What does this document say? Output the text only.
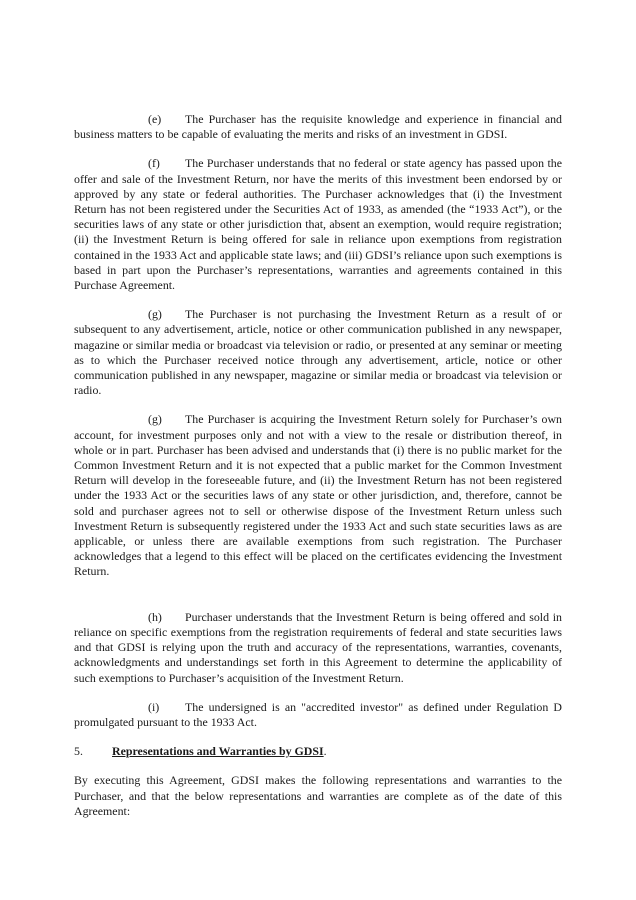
(e) The Purchaser has the requisite knowledge and experience in financial and business matters to be capable of evaluating the merits and risks of an investment in GDSI.

(f) The Purchaser understands that no federal or state agency has passed upon the offer and sale of the Investment Return, nor have the merits of this investment been endorsed by or approved by any state or federal authorities. The Purchaser acknowledges that (i) the Investment Return has not been registered under the Securities Act of 1933, as amended (the “1933 Act”), or the securities laws of any state or other jurisdiction that, absent an exemption, would require registration; (ii) the Investment Return is being offered for sale in reliance upon exemptions from registration contained in the 1933 Act and applicable state laws; and (iii) GDSI’s reliance upon such exemptions is based in part upon the Purchaser’s representations, warranties and agreements contained in this Purchase Agreement.

(g) The Purchaser is not purchasing the Investment Return as a result of or subsequent to any advertisement, article, notice or other communication published in any newspaper, magazine or similar media or broadcast via television or radio, or presented at any seminar or meeting as to which the Purchaser received notice through any advertisement, article, notice or other communication published in any newspaper, magazine or similar media or broadcast via television or radio.

(g) The Purchaser is acquiring the Investment Return solely for Purchaser’s own account, for investment purposes only and not with a view to the resale or distribution thereof, in whole or in part. Purchaser has been advised and understands that (i) there is no public market for the Common Investment Return and it is not expected that a public market for the Common Investment Return will develop in the foreseeable future, and (ii) the Investment Return has not been registered under the 1933 Act or the securities laws of any state or other jurisdiction, and, therefore, cannot be sold and purchaser agrees not to sell or otherwise dispose of the Investment Return unless such Investment Return is subsequently registered under the 1933 Act and such state securities laws as are applicable, or unless there are available exemptions from such registration. The Purchaser acknowledges that a legend to this effect will be placed on the certificates evidencing the Investment Return.

(h) Purchaser understands that the Investment Return is being offered and sold in reliance on specific exemptions from the registration requirements of federal and state securities laws and that GDSI is relying upon the truth and accuracy of the representations, warranties, covenants, acknowledgments and understandings set forth in this Agreement to determine the applicability of such exemptions to Purchaser’s acquisition of the Investment Return.

(i) The undersigned is an "accredited investor" as defined under Regulation D promulgated pursuant to the 1933 Act.

5. Representations and Warranties by GDSI.

By executing this Agreement, GDSI makes the following representations and warranties to the Purchaser, and that the below representations and warranties are complete as of the date of this Agreement:
